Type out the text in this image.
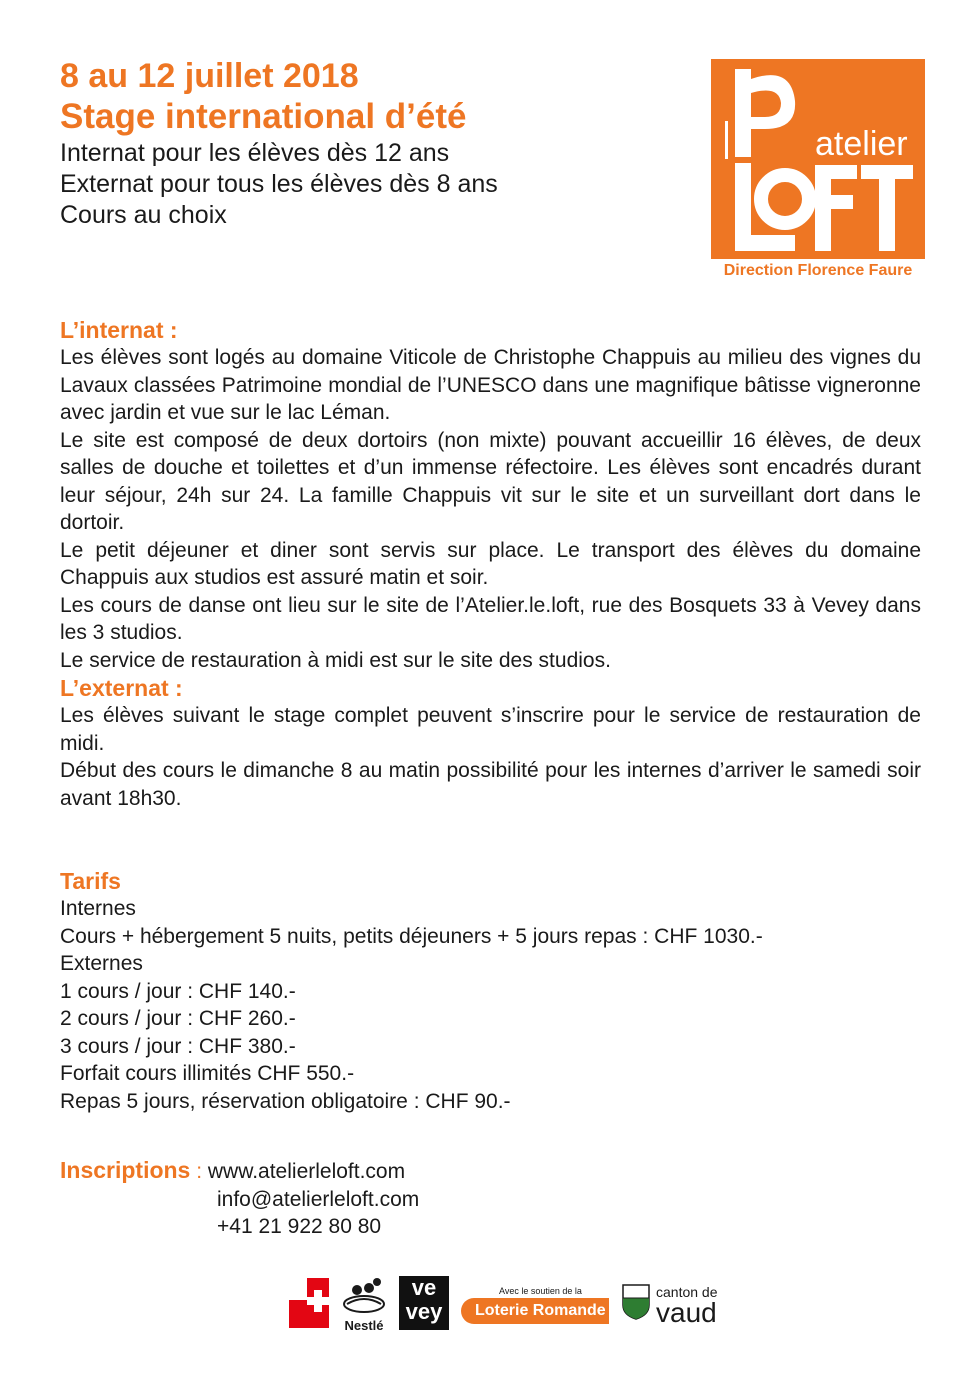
8 au 12 juillet 2018
Stage international d’été
Internat pour les élèves dès 12 ans
Externat pour tous les élèves dès 8 ans
Cours au choix
atelier
Direction Florence Faure
L’internat :

Les élèves sont logés au domaine Viticole de Christophe Chappuis au milieu des vignes du Lavaux classées Patrimoine mondial de l’UNESCO dans une magnifique bâtisse vigneronne avec jardin et vue sur le lac Léman.

Le site est composé de deux dortoirs (non mixte) pouvant accueillir 16 élèves, de deux salles de douche et toilettes et d’un immense réfectoire. Les élèves sont encadrés durant leur séjour, 24h sur 24. La famille Chappuis vit sur le site et un surveillant dort dans le dortoir.

Le petit déjeuner et diner sont servis sur place. Le transport des élèves du domaine Chappuis aux studios est assuré matin et soir.

Les cours de danse ont lieu sur le site de l’Atelier.le.loft, rue des Bosquets 33 à Vevey dans les 3 studios.

Le service de restauration à midi est sur le site des studios.

L’externat :

Les élèves suivant le stage complet peuvent s’inscrire pour le service de restauration de midi.

Début des cours le dimanche 8 au matin possibilité pour les internes d’arriver le samedi soir avant 18h30.

Tarifs
Internes
Cours + hébergement 5 nuits, petits déjeuners + 5 jours repas : CHF 1030.-
Externes
1 cours / jour : CHF 140.-
2 cours / jour : CHF 260.-
3 cours / jour : CHF 380.-
Forfait cours illimités CHF 550.-
Repas 5 jours, réservation obligatoire : CHF 90.-
Inscriptions : www.atelierleloft.com
info@atelierleloft.com
+41 21 922 80 80
Nestlé
ve
vey
Avec le soutien de la
Loterie Romande
canton de
vaud
